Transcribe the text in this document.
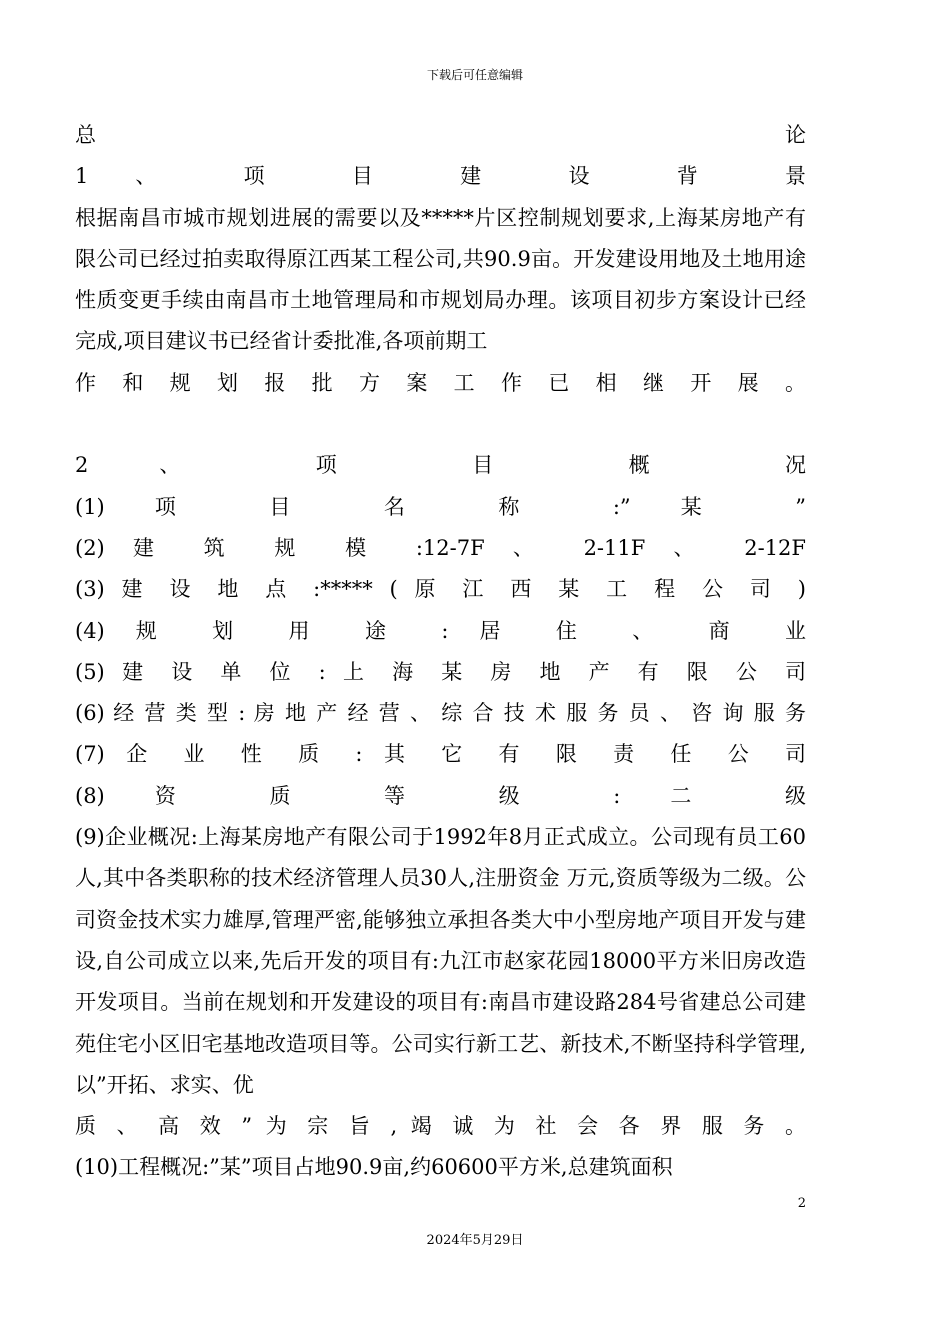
下载后可任意编辑
总 论
1 、 项 目 建 设 背 景
根据南昌市城市规划进展的需要以及*****片区控制规划要求,上海某房地产有限公司已经过拍卖取得原江西某工程公司,共90.9亩。开发建设用地及土地用途性质变更手续由南昌市土地管理局和市规划局办理。该项目初步方案设计已经完成,项目建议书已经省计委批准,各项前期工
作 和 规 划 报 批 方 案 工 作 已 相 继 开 展 。
2 、 项 目 概 况
(1) 项 目 名 称 :” 某 ”
(2) 建 筑 规 模 :12-7F 、 2-11F 、 2-12F
(3) 建 设 地 点 :***** ( 原 江 西 某 工 程 公 司 )
(4) 规 划 用 途 : 居 住 、 商 业
(5) 建 设 单 位 : 上 海 某 房 地 产 有 限 公 司
(6) 经 营 类 型 : 房 地 产 经 营 、 综 合 技 术 服 务 员 、 咨 询 服 务
(7) 企 业 性 质 : 其 它 有 限 责 任 公 司
(8) 资 质 等 级 : 二 级
(9)企业概况:上海某房地产有限公司于1992年8月正式成立。公司现有员工60人,其中各类职称的技术经济管理人员30人,注册资金 万元,资质等级为二级。公司资金技术实力雄厚,管理严密,能够独立承担各类大中小型房地产项目开发与建设,自公司成立以来,先后开发的项目有:九江市赵家花园18000平方米旧房改造开发项目。当前在规划和开发建设的项目有:南昌市建设路284号省建总公司建苑住宅小区旧宅基地改造项目等。公司实行新工艺、新技术,不断坚持科学管理,以”开拓、求实、优
质 、 高 效 ” 为 宗 旨 , 竭 诚 为 社 会 各 界 服 务 。
(10)工程概况:”某”项目占地90.9亩,约60600平方米,总建筑面积
2
2024年5月29日
